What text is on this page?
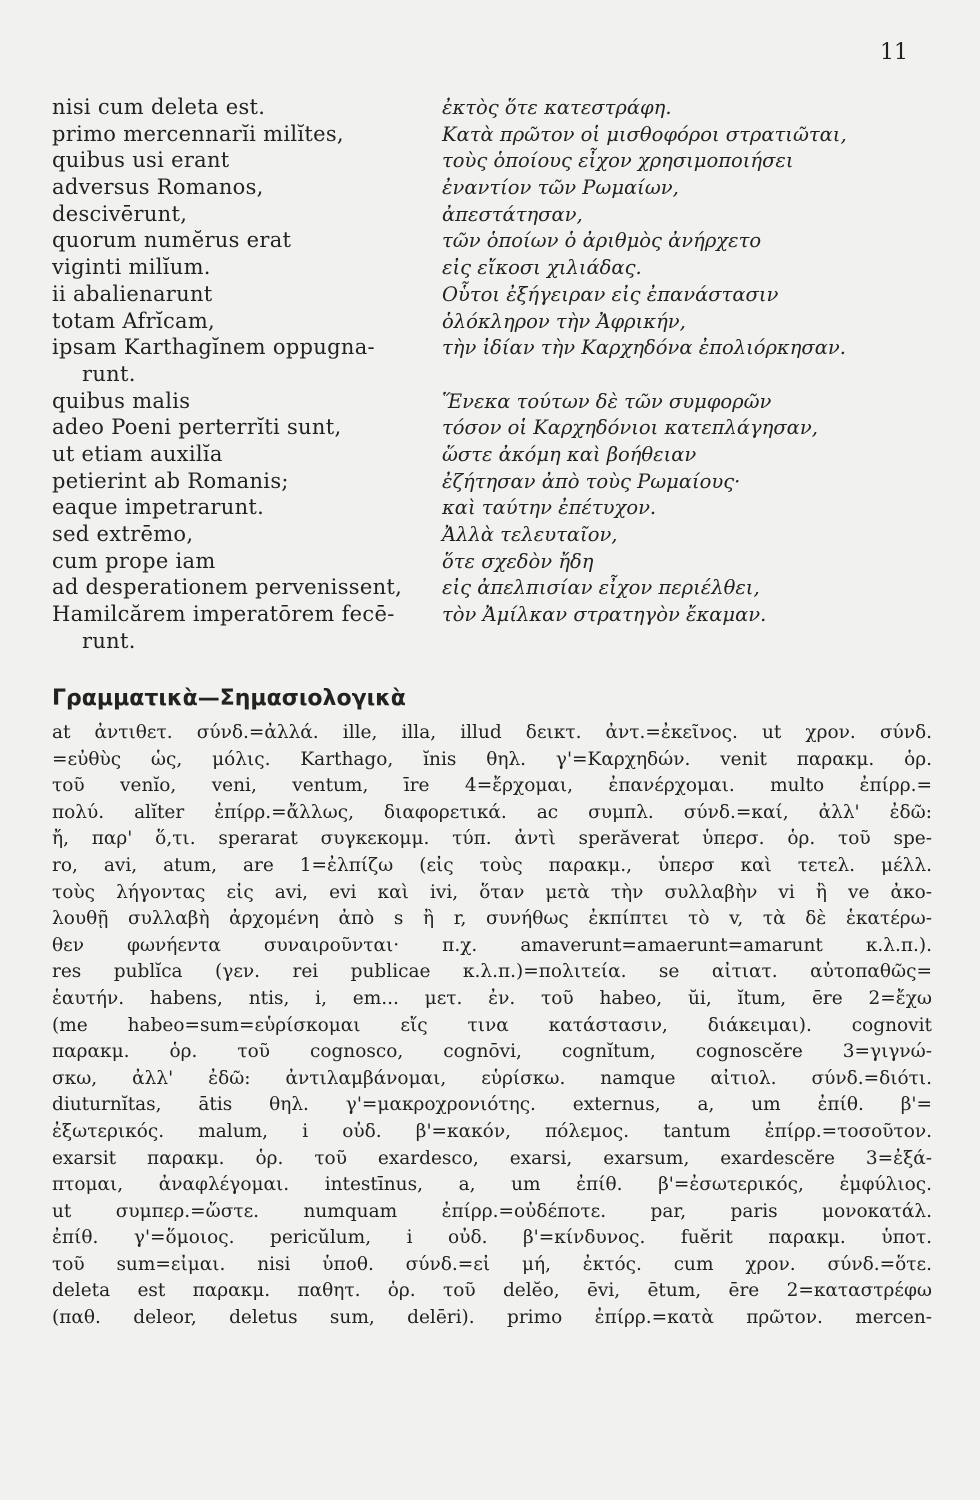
11
nisi cum deleta est.	ἐκτὸς ὅτε κατεστράφη.
primo mercennarĭi milĭtes,	Κατὰ πρῶτον οἱ μισθοφόροι στρατιῶται,
quibus usi erant	τοὺς ὁποίους εἶχον χρησιμοποιήσει
adversus Romanos,	ἐναντίον τῶν Ρωμαίων,
descivērunt,	ἀπεστάτησαν,
quorum numĕrus erat	τῶν ὁποίων ὁ ἀριθμὸς ἀνήρχετο
viginti milĭum.	εἰς εἴκοσι χιλιάδας.
ii abalienarunt	Οὗτοι ἐξήγειραν εἰς ἐπανάστασιν
totam Afrĭcam,	ὁλόκληρον τὴν Ἀφρικήν,
ipsam Karthagĭnem oppugna-	τὴν ἰδίαν τὴν Καρχηδόνα ἐπολιόρκησαν.
runt.
quibus malis	Ἕνεκα τούτων δὲ τῶν συμφορῶν
adeo Poeni perterrĭti sunt,	τόσον οἱ Καρχηδόνιοι κατεπλάγησαν,
ut etiam auxilĭa	ὥστε ἀκόμη καὶ βοήθειαν
petierint ab Romanis;	ἐζήτησαν ἀπὸ τοὺς Ρωμαίους·
eaque impetrarunt.	καὶ ταύτην ἐπέτυχον.
sed extrēmo,	Ἀλλὰ τελευταῖον,
cum prope iam	ὅτε σχεδὸν ἤδη
ad desperationem pervenissent,	εἰς ἀπελπισίαν εἶχον περιέλθει,
Hamilcărem imperatōrem fecē-	τὸν Ἀμίλκαν στρατηγὸν ἔκαμαν.
runt.
Γραμματικὰ—Σημασιολογικὰ
at ἀντιθετ. σύνδ.=ἀλλά. ille, illa, illud δεικτ. ἀντ.=ἐκεῖνος. ut χρον. σύνδ.
=εὐθὺς ὡς, μόλις. Karthago, ĭnis θηλ. γ'=Καρχηδών. venit παρακμ. ὁρ.
τοῦ venĭo, veni, ventum, īre 4=ἔρχομαι, ἐπανέρχομαι. multo ἐπίρρ.=
πολύ. alĭter ἐπίρρ.=ἄλλως, διαφορετικά. ac συμπλ. σύνδ.=καί, ἀλλ' ἐδῶ:
ἤ, παρ' ὅ,τι. sperarat συγκεκομμ. τύπ. ἀντὶ sperăverat ὑπερσ. ὁρ. τοῦ spe-
ro, avi, atum, are 1=ἐλπίζω (εἰς τοὺς παρακμ., ὑπερσ καὶ τετελ. μέλλ.
τοὺς λήγοντας εἰς avi, evi καὶ ivi, ὅταν μετὰ τὴν συλλαβὴν vi ἢ ve ἀκο-
λουθῇ συλλαβὴ ἀρχομένη ἀπὸ s ἢ r, συνήθως ἐκπίπτει τὸ v, τὰ δὲ ἑκατέρω-
θεν φωνήεντα συναιροῦνται· π.χ. amaverunt=amaerunt=amarunt κ.λ.π.).
res publĭca (γεν. rei publicae κ.λ.π.)=πολιτεία. se αἰτιατ. αὐτοπαθῶς=
ἑαυτήν. habens, ntis, i, em... μετ. ἐν. τοῦ habeo, ŭi, ĭtum, ēre 2=ἔχω
(me habeo=sum=εὑρίσκομαι εἴς τινα κατάστασιν, διάκειμαι). cognovit
παρακμ. ὁρ. τοῦ cognosco, cognōvi, cognĭtum, cognoscĕre 3=γιγνώ-
σκω, ἀλλ' ἐδῶ: ἀντιλαμβάνομαι, εὑρίσκω. namque αἰτιολ. σύνδ.=διότι.
diuturnĭtas, ātis θηλ. γ'=μακροχρονιότης. externus, a, um ἐπίθ. β'=
ἐξωτερικός. malum, i οὐδ. β'=κακόν, πόλεμος. tantum ἐπίρρ.=τοσοῦτον.
exarsit παρακμ. ὁρ. τοῦ exardesco, exarsi, exarsum, exardescĕre 3=ἐξά-
πτομαι, ἀναφλέγομαι. intestīnus, a, um ἐπίθ. β'=ἐσωτερικός, ἐμφύλιος.
ut συμπερ.=ὥστε. numquam ἐπίρρ.=οὐδέποτε. par, paris μονοκατάλ.
ἐπίθ. γ'=ὅμοιος. pericŭlum, i οὐδ. β'=κίνδυνος. fuĕrit παρακμ. ὑποτ.
τοῦ sum=εἶμαι. nisi ὑποθ. σύνδ.=εἰ μή, ἐκτός. cum χρον. σύνδ.=ὅτε.
deleta est παρακμ. παθητ. ὁρ. τοῦ delĕo, ēvi, ētum, ēre 2=καταστρέφω
(παθ. deleor, deletus sum, delēri). primo ἐπίρρ.=κατὰ πρῶτον. mercen-
